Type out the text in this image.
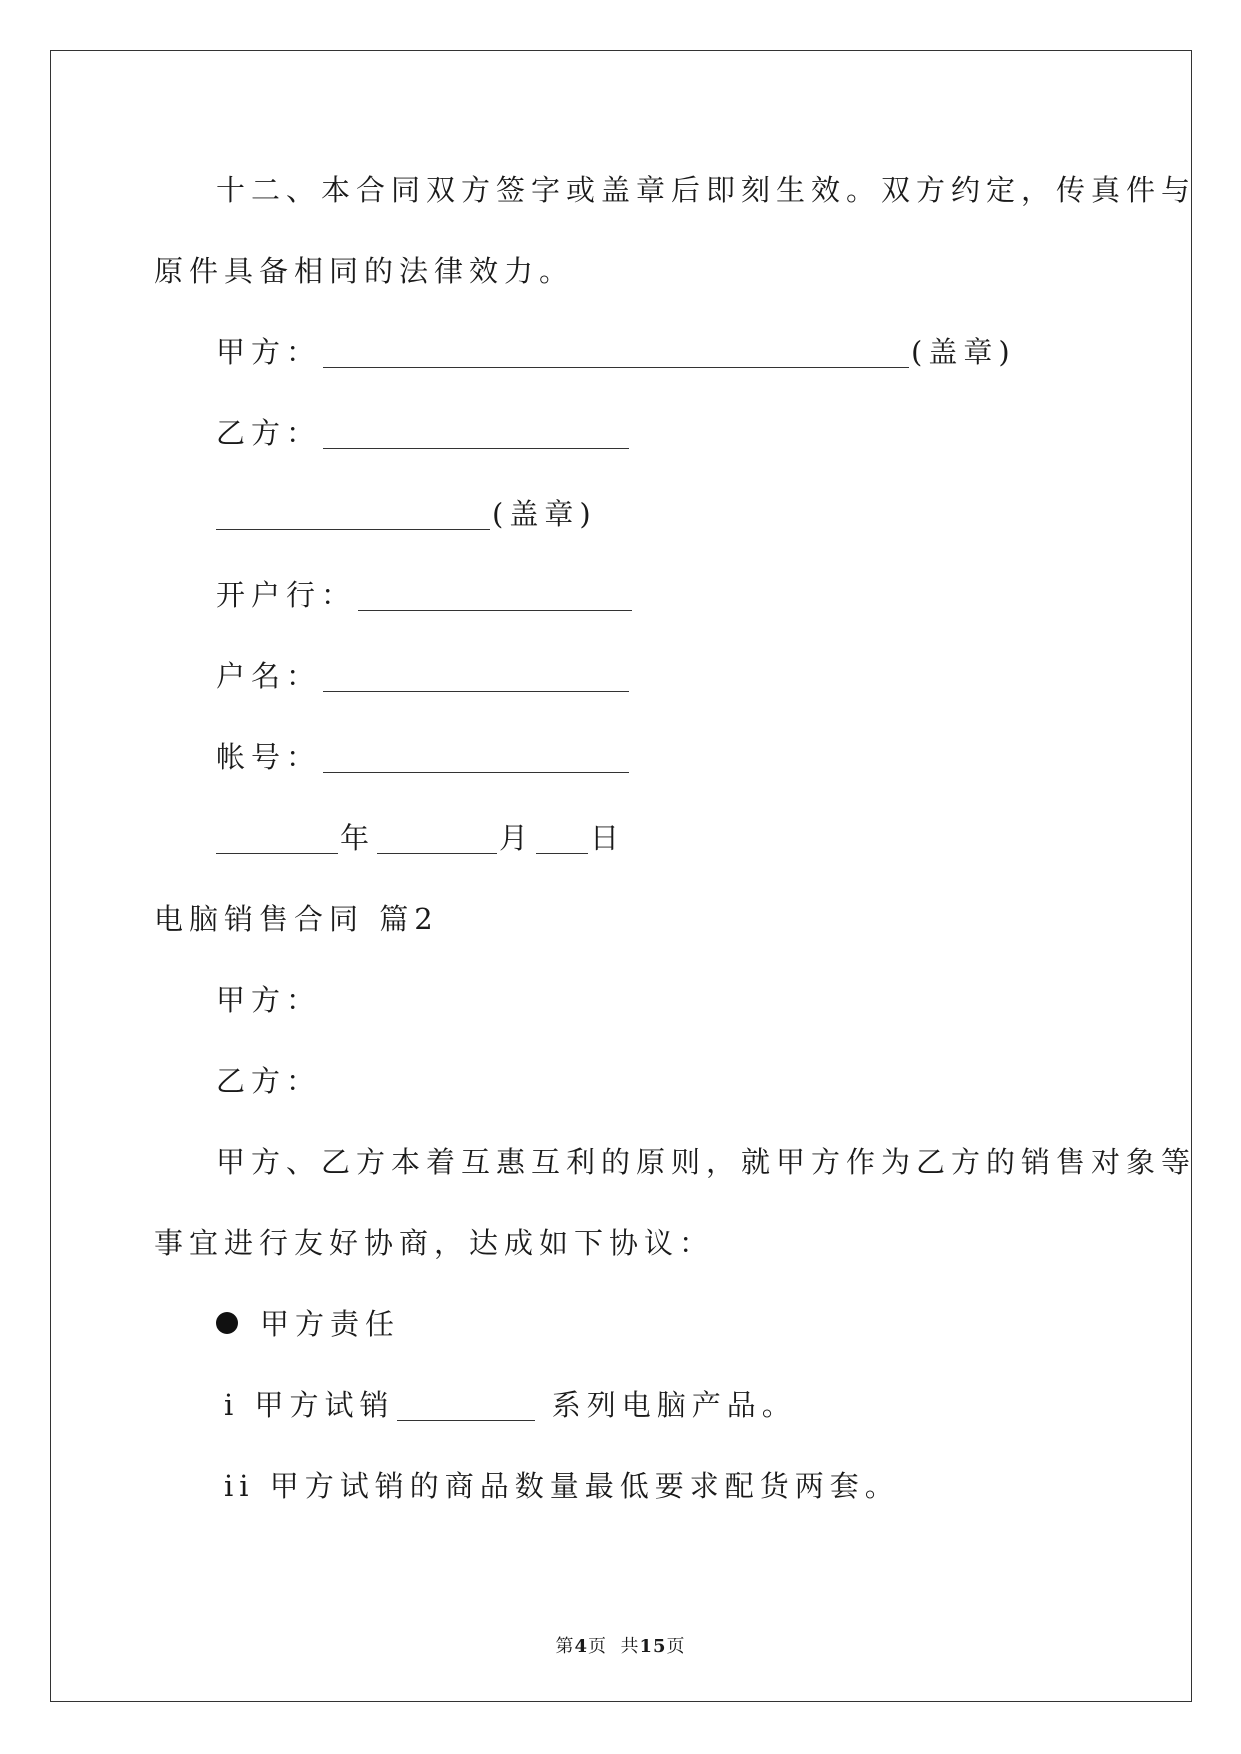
十二、本合同双方签字或盖章后即刻生效。双方约定，传真件与
原件具备相同的法律效力。
甲方：	(盖章)
乙方：
(盖章)
开户行：
户名：
帐号：
年	月 日
电脑销售合同 篇2
甲方：
乙方：
甲方、乙方本着互惠互利的原则，就甲方作为乙方的销售对象等
事宜进行友好协商，达成如下协议：
甲方责任
i 甲方试销	系列电脑产品。
ii 甲方试销的商品数量最低要求配货两套。
第4页  共15页
